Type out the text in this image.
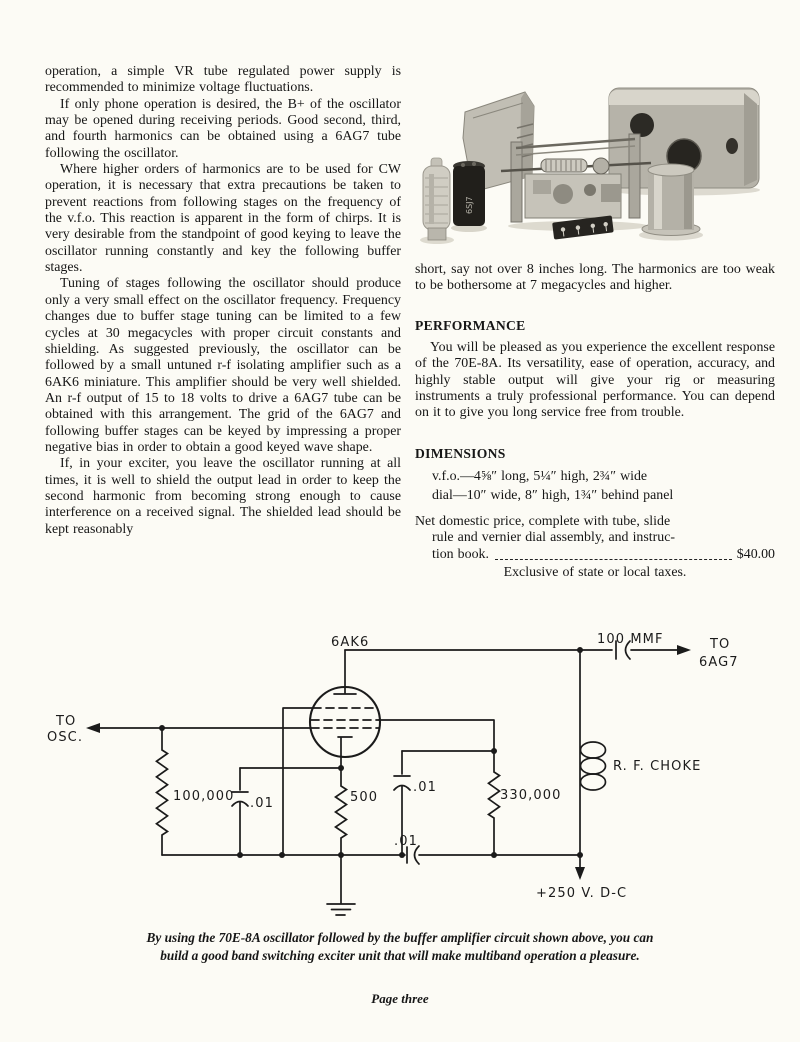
operation, a simple VR tube regulated power supply is recommended to minimize voltage fluctuations.

If only phone operation is desired, the B+ of the oscillator may be opened during receiving periods. Good second, third, and fourth harmonics can be obtained using a 6AG7 tube following the oscillator.

Where higher orders of harmonics are to be used for CW operation, it is necessary that extra precautions be taken to prevent reactions from following stages on the frequency of the v.f.o. This reaction is apparent in the form of chirps. It is very desirable from the standpoint of good keying to leave the oscillator running constantly and key the following buffer stages.

Tuning of stages following the oscillator should produce only a very small effect on the oscillator frequency. Frequency changes due to buffer stage tuning can be limited to a few cycles at 30 megacycles with proper circuit constants and shielding. As suggested previously, the oscillator can be followed by a small untuned r-f isolating amplifier such as a 6AK6 miniature. This amplifier should be very well shielded. An r-f output of 15 to 18 volts to drive a 6AG7 tube can be obtained with this arrangement. The grid of the 6AG7 and following buffer stages can be keyed by impressing a proper negative bias in order to obtain a good keyed wave shape.

If, in your exciter, you leave the oscillator running at all times, it is well to shield the output lead in order to keep the second harmonic from becoming strong enough to cause interference on a received signal. The shielded lead should be kept reasonably

6SJ7

short, say not over 8 inches long. The harmonics are too weak to be bothersome at 7 megacycles and higher.

PERFORMANCE

You will be pleased as you experience the excellent response of the 70E-8A. Its versatility, ease of operation, accuracy, and highly stable output will give your rig or measuring instruments a truly professional performance. You can depend on it to give you long service free from trouble.

DIMENSIONS
v.f.o.—4⅝″ long, 5¼″ high, 2¾″ wide
dial—10″ wide, 8″ high, 1¾″ behind panel
Net domestic price, complete with tube, slide
rule and vernier dial assembly, and instruc-
tion book.	$40.00
Exclusive of state or local taxes.
6AK6	100 MMF	TO
6AG7
TO
OSC.
100,000 .01	500
.01
330,000
.01
R. F. CHOKE
+250 V. D-C
By using the 70E-8A oscillator followed by the buffer amplifier circuit shown above, you can build a good band switching exciter unit that will make multiband operation a pleasure.
Page three
